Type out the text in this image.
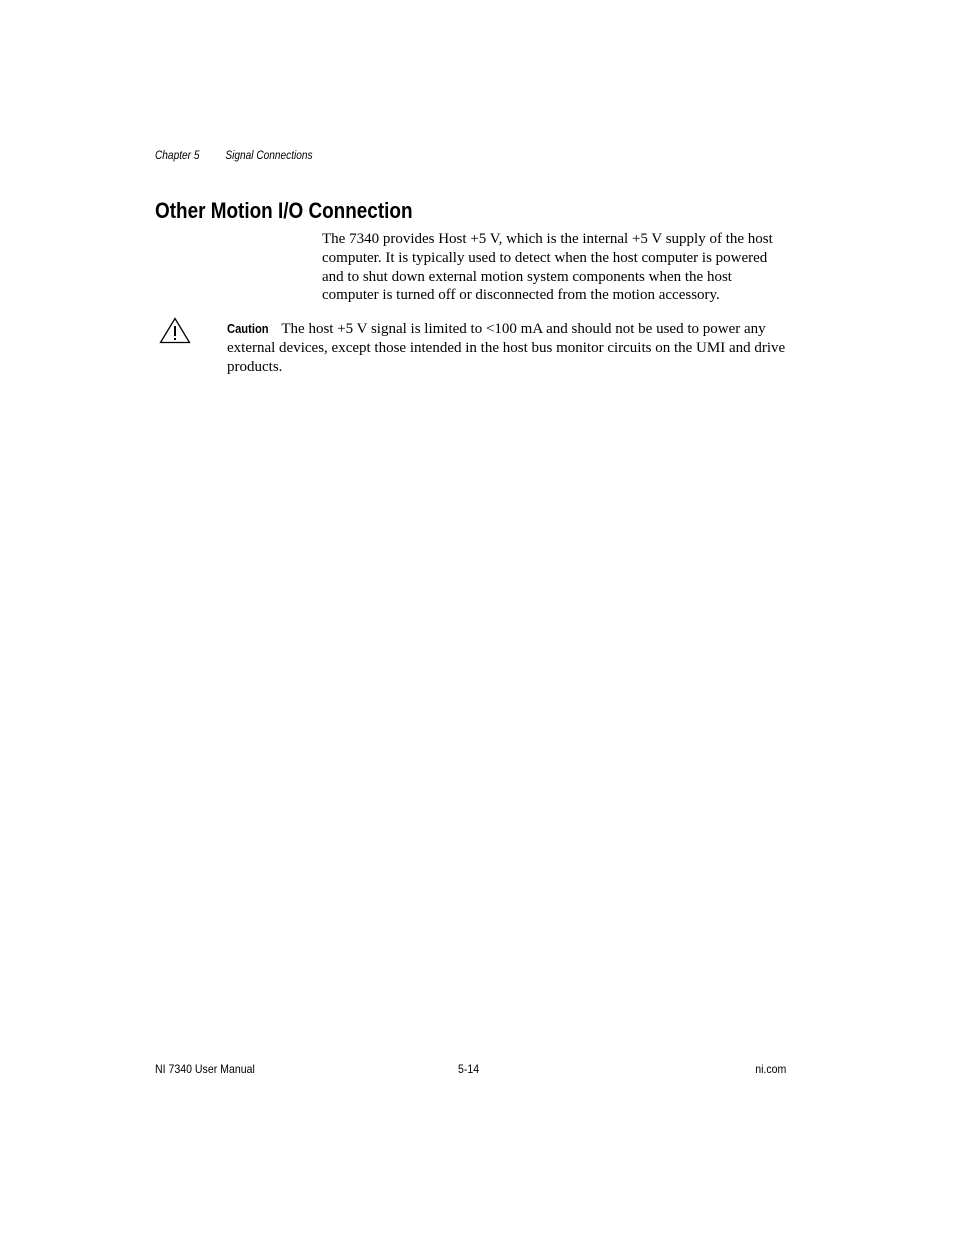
Chapter 5 Signal Connections
Other Motion I/O Connection

The 7340 provides Host +5 V, which is the internal +5 V supply of the host computer. It is typically used to detect when the host computer is powered and to shut down external motion system components when the host computer is turned off or disconnected from the motion accessory.

Caution The host +5 V signal is limited to <100 mA and should not be used to power any external devices, except those intended in the host bus monitor circuits on the UMI and drive products.

NI 7340 User Manual	5-14	ni.com
